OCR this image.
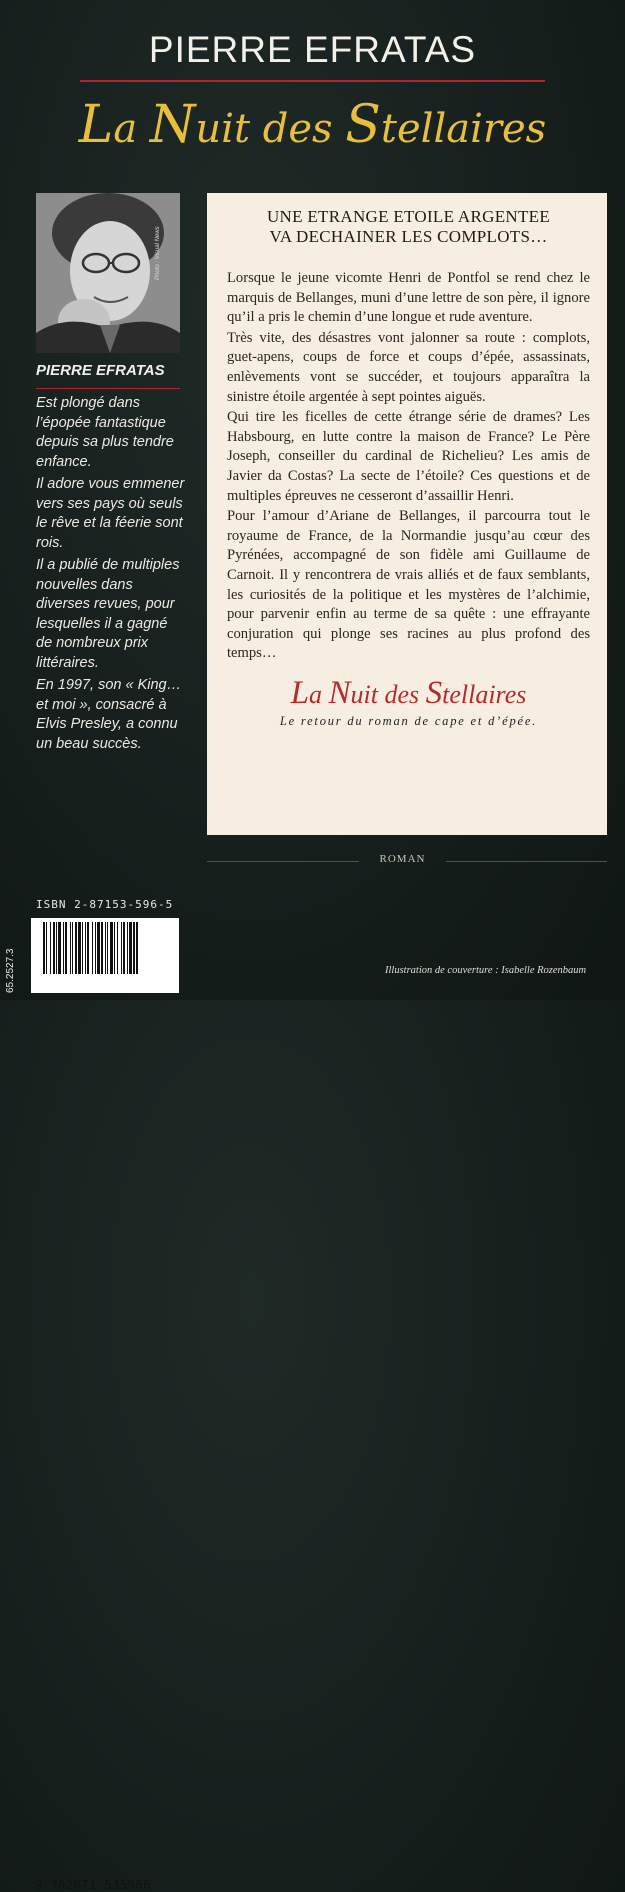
PIERRE EFRATAS
La Nuit des Stellaires
Photo : Visual News
PIERRE EFRATAS

Est plongé dans l’épopée fantastique depuis sa plus tendre enfance.

Il adore vous emmener vers ses pays où seuls le rêve et la féerie sont rois.

Il a publié de multiples nouvelles dans diverses revues, pour lesquelles il a gagné de nombreux prix littéraires.

En 1997, son « King… et moi », consacré à Elvis Presley, a connu un beau succès.

UNE ETRANGE ETOILE ARGENTEE
VA DECHAINER LES COMPLOTS…

Lorsque le jeune vicomte Henri de Pontfol se rend chez le marquis de Bellanges, muni d’une lettre de son père, il ignore qu’il a pris le chemin d’une longue et rude aventure.

Très vite, des désastres vont jalonner sa route : complots, guet-apens, coups de force et coups d’épée, assassinats, enlèvements vont se succéder, et toujours apparaîtra la sinistre étoile argentée à sept pointes aiguës.

Qui tire les ficelles de cette étrange série de drames? Les Habsbourg, en lutte contre la maison de France? Le Père Joseph, conseiller du cardinal de Richelieu? Les amis de Javier da Costas? La secte de l’étoile? Ces questions et de multiples épreuves ne cesseront d’assaillir Henri.

Pour l’amour d’Ariane de Bellanges, il parcourra tout le royaume de France, de la Normandie jusqu’au cœur des Pyrénées, accompagné de son fidèle ami Guillaume de Carnoit. Il y rencontrera de vrais alliés et de faux semblants, les curiosités de la politique et les mystères de l’alchimie, pour parvenir enfin au terme de sa quête : une effrayante conjuration qui plonge ses racines au plus profond des temps…

La Nuit des Stellaires
Le retour du roman de cape et d’épée.
ROMAN
ISBN 2-87153-596-5
9 782871 535966
65.2527.3	Illustration de couverture : Isabelle Rozenbaum
